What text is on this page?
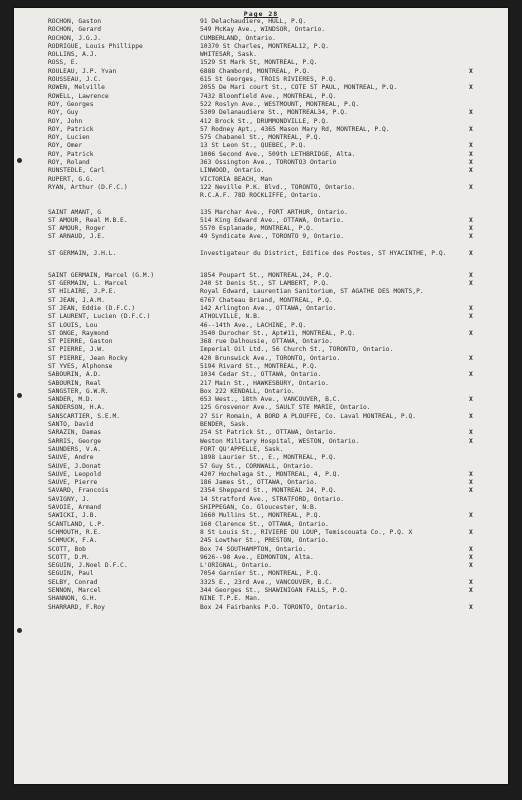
Page 28
ROCHON, Gaston	91 Delachaudiere, HULL, P.Q.
ROCHON, Gerard	549 McKay Ave., WINDSOR, Ontario.
ROCHON, J.G.J.	CUMBERLAND, Ontario.
RODRIGUE, Louis Phillippe	10370 St Charles, MONTREAL12, P.Q.
ROLLINS, A.J.	WHITESAR, Sask.
ROSS, E.	1529 St Mark St, MONTREAL, P.Q.
ROULEAU, J.P. Yvan	6888 Chambord, MONTREAL, P.Q.	X
ROUSSEAU, J.C.	615 St Georges, TROIS RIVIERES, P.Q.
ROWEN, Melville	2055 De Mari court St., COTE ST PAUL, MONTREAL, P.Q.	X
ROWELL, Lawrence	7432 Bloomfield Ave., MONTREAL, P.Q.
ROY, Georges	522 Roslyn Ave., WESTMOUNT, MONTREAL, P.Q.
ROY, Guy	5309 Delanaudiere St., MONTREAL34, P.Q.	X
ROY, John	412 Brock St., DRUMMONDVILLE, P.Q.
ROY, Patrick	57 Rodney Apt., 4365 Mason Mary Rd, MONTREAL, P.Q.	X
ROY, Lucien	575 Chabanel St., MONTREAL, P.Q.
ROY, Omer	13 St Leon St., QUEBEC, P.Q.	X
ROY, Patrick	1006 Second Ave., 509th LETHBRIDGE, Alta.	X
ROY, Roland	363 Ossington Ave., TORONTO3 Ontario	X
RUNSTEDLE, Carl	LINWOOD, Ontario.	X
RUPERT, G.G.	VICTORIA BEACH, Man
RYAN, Arthur (D.F.C.)	122 Neville P.K. Blvd., TORONTO, Ontario.	X
R.C.A.F. 78D ROCKLIFFE, Ontario.
SAINT AMANT, G	135 Marchar Ave., FORT ARTHUR, Ontario.
ST AMOUR, Real M.B.E.	514 King Edward Ave., OTTAWA, Ontario.	X
ST AMOUR, Roger	5570 Esplanade, MONTREAL, P.Q.	X
ST ARNAUD, J.E.	49 Syndicate Ave., TORONTO 9, Ontario.	X
ST GERMAIN, J.H.L.	Investigateur du District, Edifice des Postes, ST HYACINTHE, P.Q.	X
SAINT GERMAIN, Marcel (G.M.)	1854 Poupart St., MONTREAL,24, P.Q.	X
ST GERMAIN, L. Marcel	240 St Denis St., ST LAMBERT, P.Q.	X
ST HILAIRE, J.P.E.	Royal Edward, Laurentian Sanitorium, ST AGATHE DES MONTS,P.
ST JEAN, J.A.M.	6767 Chateau Briand, MONTREAL, P.Q.
ST JEAN, Eddie (D.F.C.)	142 Arlington Ave., OTTAWA, Ontario.	X
ST LAURENT, Lucien (D.F.C.)	ATHOLVILLE, N.B.	X
ST LOUIS, Lou	46--14th Ave., LACHINE, P.Q.
ST ONGE, Raymond	3540 Durocher St., Apt#11, MONTREAL, P.Q.	X
ST PIERRE, Gaston	368 rue Dalhousie, OTTAWA, Ontario.
ST PIERRE, J.W.	Imperial Oil Ltd., 56 Church St., TORONTO, Ontario.
ST PIERRE, Jean Rocky	420 Brunswick Ave., TORONTO, Ontario.	X
ST YVES, Alphonse	5194 Rivard St., MONTREAL, P.Q.
SABOURIN, A.D.	1034 Cedar St., OTTAWA, Ontario.	X
SABOURIN, Real	217 Main St., HAWKESBURY, Ontario.
SANGSTER, G.W.R.	Box 222 KENDALL, Ontario.
SANDER, M.D.	653 West., 18th Ave., VANCOUVER, B.C.	X
SANDERSON, H.A.	125 Grosvenor Ave., SAULT STE MARIE, Ontario.
SANSCARTIER, S.E.M.	27 Sir Romain, A BORD A PLOUFFE, Co. Laval MONTREAL, P.Q.	X
SANTO, David	BENDER, Sask.
SARAZIN, Damas	254 St Patrick St., OTTAWA, Ontario.	X
SARRIS, George	Weston Military Hospital, WESTON, Ontario.	X
SAUNDERS, V.A.	FORT QU'APPELLE, Sask.
SAUVE, Andre	1898 Laurier St., E., MONTREAL, P.Q.
SAUVE, J.Donat	57 Guy St., CORNWALL, Ontario.
SAUVE, Leopold	4207 Hochelaga St., MONTREAL, 4, P.Q.	X
SAUVE, Pierre	186 James St., OTTAWA, Ontario.	X
SAVARD, Francois	2354 Sheppard St., MONTREAL 24, P.Q.	X
SAVIGNY, J.	14 Stratford Ave., STRATFORD, Ontario.
SAVOIE, Armand	SHIPPEGAN, Co. Gloucester, N.B.
SAWICKI, J.B.	1660 Mullins St., MONTREAL, P.Q.	X
SCANTLAND, L.P.	160 Clarence St., OTTAWA, Ontario.
SCHMOUTH, R.E.	8 St Louis St., RIVIERE DU LOUP, Temiscouata Co., P.Q. X	X
SCHMUCK, F.A.	245 Lowther St., PRESTON, Ontario.
SCOTT, Bob	Box 74 SOUTHAMPTON, Ontario.	X
SCOTT, D.M.	9626--98 Ave., EDMONTON, Alta.	X
SEGUIN, J.Noel D.F.C.	L'ORIGNAL, Ontario.	X
SEGUIN, Paul	7054 Garnier St., MONTREAL, P.Q.
SELBY, Conrad	3325 E., 23rd Ave., VANCOUVER, B.C.	X
SENNON, Marcel	344 Georges St., SHAWINIGAN FALLS, P.Q.	X
SHANNON, G.H.	NINE T.P.E. Man.
SHARRARD, F.Roy	Box 24 Fairbanks P.O. TORONTO, Ontario.	X
